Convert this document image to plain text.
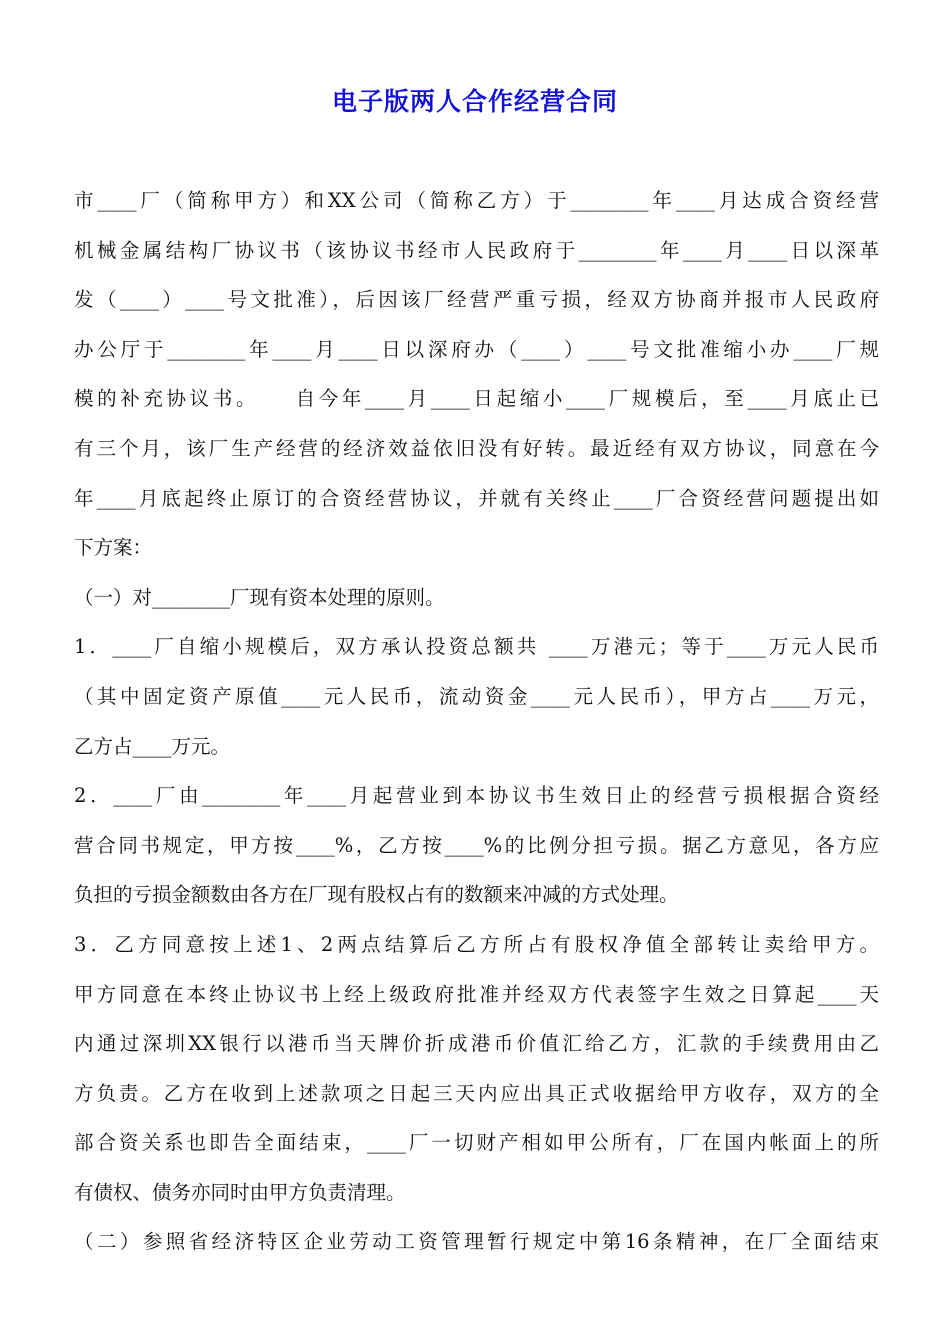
电子版两人合作经营合同
市____厂（简称甲方）和XX公司（简称乙方）于________年____月达成合资经营
机械金属结构厂协议书（该协议书经市人民政府于________年____月____日以深革
发（____）____号文批准），后因该厂经营严重亏损，经双方协商并报市人民政府
办公厅于________年____月____日以深府办（____）____号文批准缩小办____厂规
模的补充协议书。　　自今年____月____日起缩小____厂规模后，至____月底止已
有三个月，该厂生产经营的经济效益依旧没有好转。最近经有双方协议，同意在今
年____月底起终止原订的合资经营协议，并就有关终止____厂合资经营问题提出如
下方案：
（一）对________厂现有资本处理的原则。
1．____厂自缩小规模后，双方承认投资总额共 ____万港元；等于____万元人民币
（其中固定资产原值____元人民币，流动资金____元人民币），甲方占____万元，
乙方占____万元。
2．____厂由________年____月起营业到本协议书生效日止的经营亏损根据合资经
营合同书规定，甲方按____%，乙方按____%的比例分担亏损。据乙方意见，各方应
负担的亏损金额数由各方在厂现有股权占有的数额来冲减的方式处理。
3．乙方同意按上述1、2两点结算后乙方所占有股权净值全部转让卖给甲方。
甲方同意在本终止协议书上经上级政府批准并经双方代表签字生效之日算起____天
内通过深圳XX银行以港币当天牌价折成港币价值汇给乙方，汇款的手续费用由乙
方负责。乙方在收到上述款项之日起三天内应出具正式收据给甲方收存，双方的全
部合资关系也即告全面结束，____厂一切财产相如甲公所有，厂在国内帐面上的所
有债权、债务亦同时由甲方负责清理。
（二）参照省经济特区企业劳动工资管理暂行规定中第16条精神，在厂全面结束
